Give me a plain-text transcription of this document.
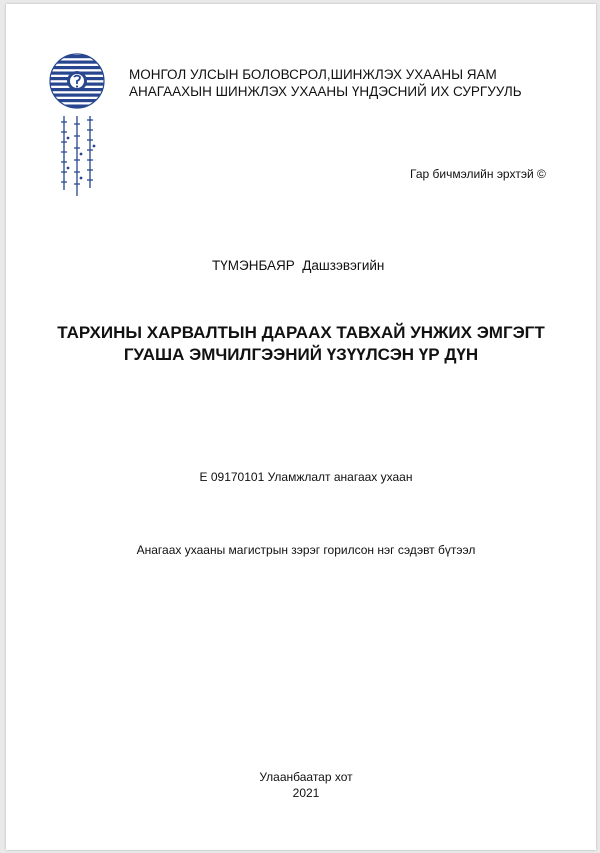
МОНГОЛ УЛСЫН БОЛОВСРОЛ,ШИНЖЛЭХ УХААНЫ ЯАМ
АНАГААХЫН ШИНЖЛЭХ УХААНЫ ҮНДЭСНИЙ ИХ СУРГУУЛЬ
Гар бичмэлийн эрхтэй ©
ТҮМЭНБАЯР  Дашзэвэгийн
ТАРХИНЫ ХАРВАЛТЫН ДАРААХ ТАВХАЙ УНЖИХ ЭМГЭГТ
ГУАША ЭМЧИЛГЭЭНИЙ ҮЗҮҮЛСЭН ҮР ДҮН
E 09170101 Уламжлалт анагаах ухаан
Анагаах ухааны магистрын зэрэг горилсон нэг сэдэвт бүтээл
Улаанбаатар хот
2021
